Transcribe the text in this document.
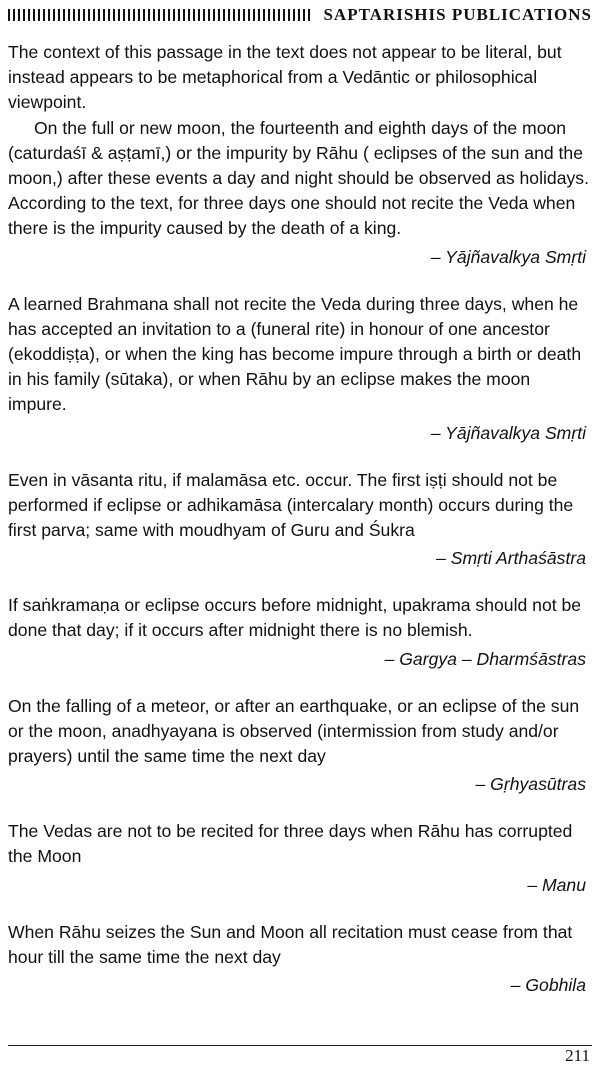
SAPTARISHIS PUBLICATIONS

The context of this passage in the text does not appear to be literal, but instead appears to be metaphorical from a Vedāntic or philosophical viewpoint.

On the full or new moon, the fourteenth and eighth days of the moon (caturdaśī & aṣṭamī,) or the impurity by Rāhu ( eclipses of the sun and the moon,) after these events a day and night should be observed as holidays. According to the text, for three days one should not recite the Veda when there is the impurity caused by the death of a king.

– Yājñavalkya Smṛti

A learned Brahmana shall not recite the Veda during three days, when he has accepted an invitation to a (funeral rite) in honour of one ancestor (ekoddiṣṭa), or when the king has become impure through a birth or death in his family (sūtaka), or when Rāhu by an eclipse makes the moon impure.

– Yājñavalkya Smṛti

Even in vāsanta ritu, if malamāsa etc. occur. The first iṣṭi should not be performed if eclipse or adhikamāsa (intercalary month) occurs during the first parva; same with moudhyam of Guru and Śukra

– Smṛti Arthaśāstra

If saṅkramaṇa or eclipse occurs before midnight, upakrama should not be done that day; if it occurs after midnight there is no blemish.

– Gargya – Dharmśāstras

On the falling of a meteor, or after an earthquake, or an eclipse of the sun or the moon, anadhyayana is observed (intermission from study and/or prayers) until the same time the next day

– Gṛhyasūtras

The Vedas are not to be recited for three days when Rāhu has corrupted the Moon

– Manu

When Rāhu seizes the Sun and Moon all recitation must cease from that hour till the same time the next day

– Gobhila
211
